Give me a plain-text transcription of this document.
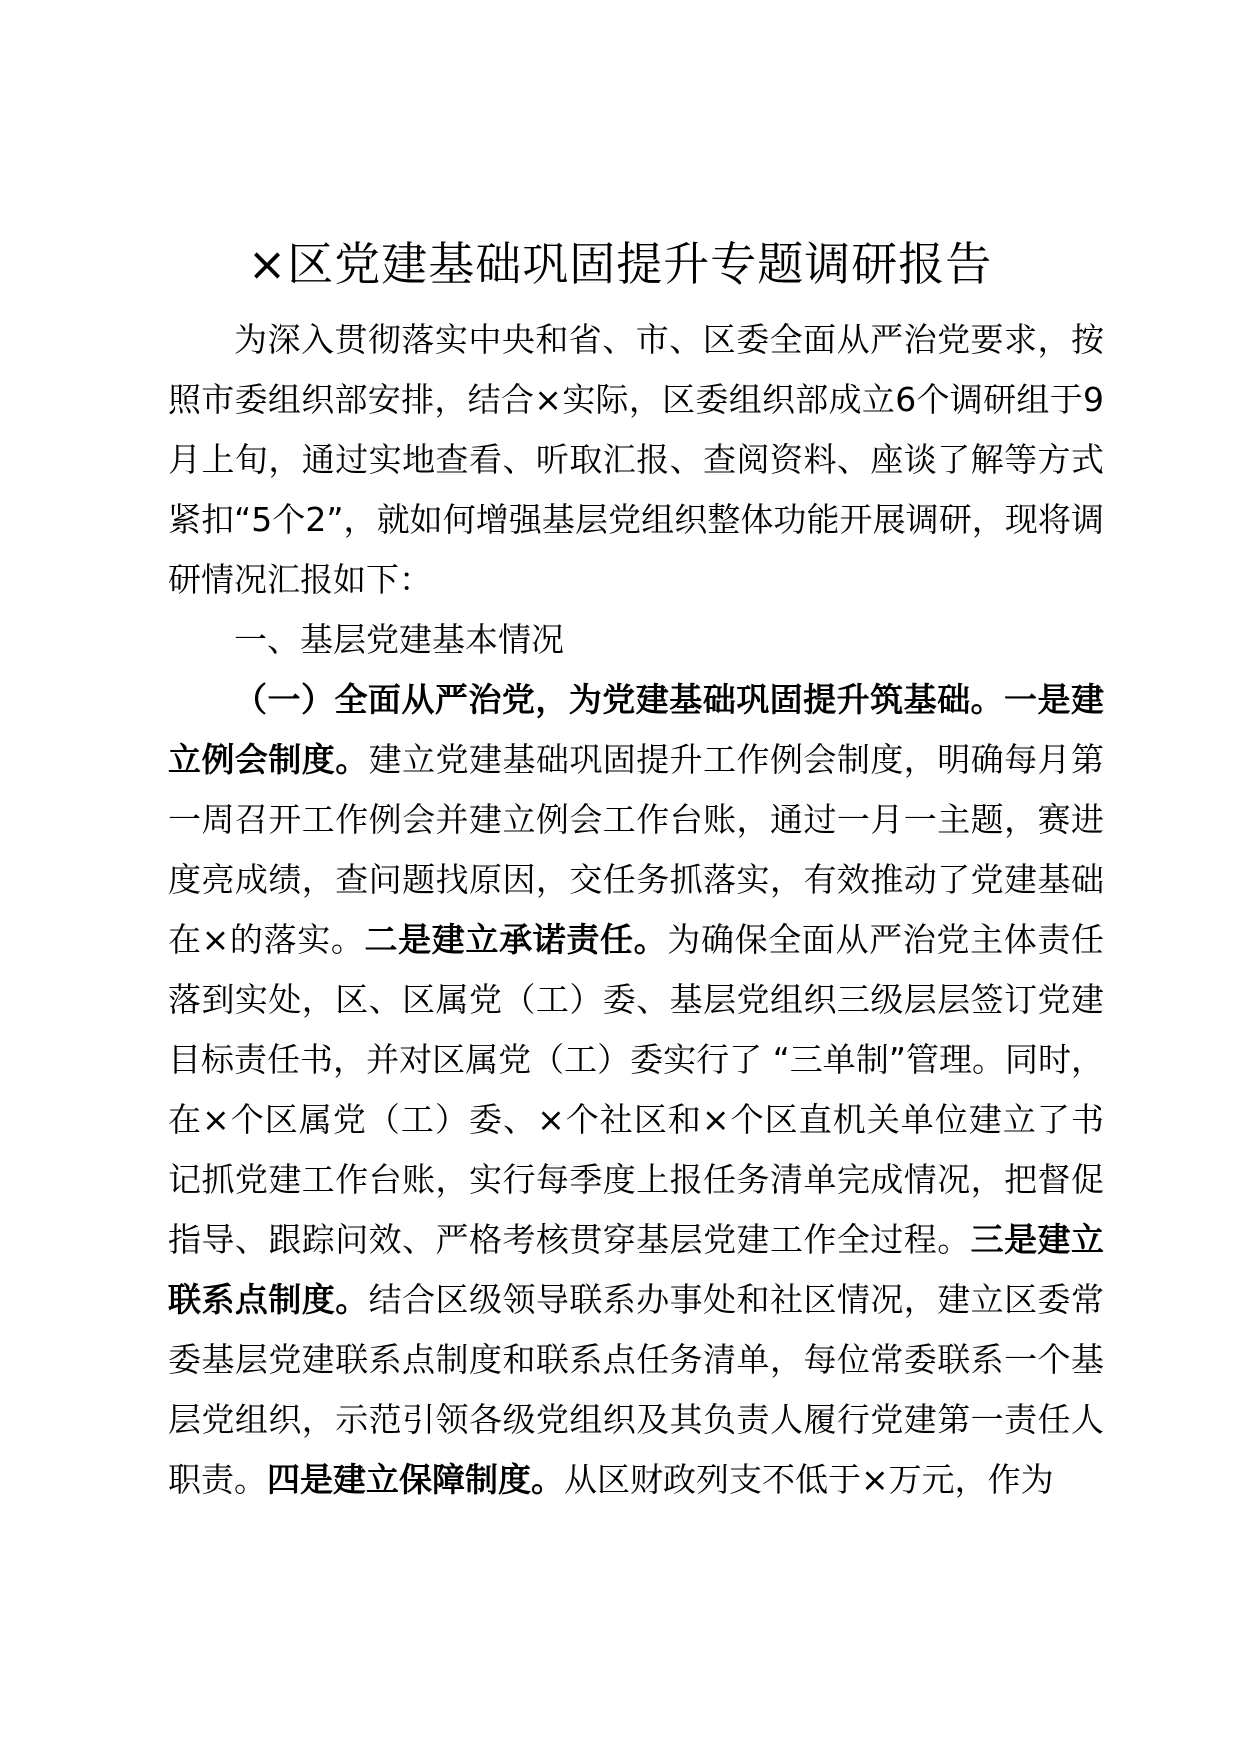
×区党建基础巩固提升专题调研报告

为深入贯彻落实中央和省、市、区委全面从严治党要求，按照市委组织部安排，结合×实际，区委组织部成立6个调研组于9月上旬，通过实地查看、听取汇报、查阅资料、座谈了解等方式紧扣“5个2”，就如何增强基层党组织整体功能开展调研，现将调研情况汇报如下：

一、基层党建基本情况

（一）全面从严治党，为党建基础巩固提升筑基础。一是建立例会制度。建立党建基础巩固提升工作例会制度，明确每月第一周召开工作例会并建立例会工作台账，通过一月一主题，赛进度亮成绩，查问题找原因，交任务抓落实，有效推动了党建基础在×的落实。二是建立承诺责任。为确保全面从严治党主体责任落到实处，区、区属党（工）委、基层党组织三级层层签订党建目标责任书，并对区属党（工）委实行了 “三单制”管理。同时，在×个区属党（工）委、×个社区和×个区直机关单位建立了书记抓党建工作台账，实行每季度上报任务清单完成情况，把督促指导、跟踪问效、严格考核贯穿基层党建工作全过程。三是建立联系点制度。结合区级领导联系办事处和社区情况，建立区委常委基层党建联系点制度和联系点任务清单，每位常委联系一个基层党组织，示范引领各级党组织及其负责人履行党建第一责任人职责。四是建立保障制度。从区财政列支不低于×万元，作为
